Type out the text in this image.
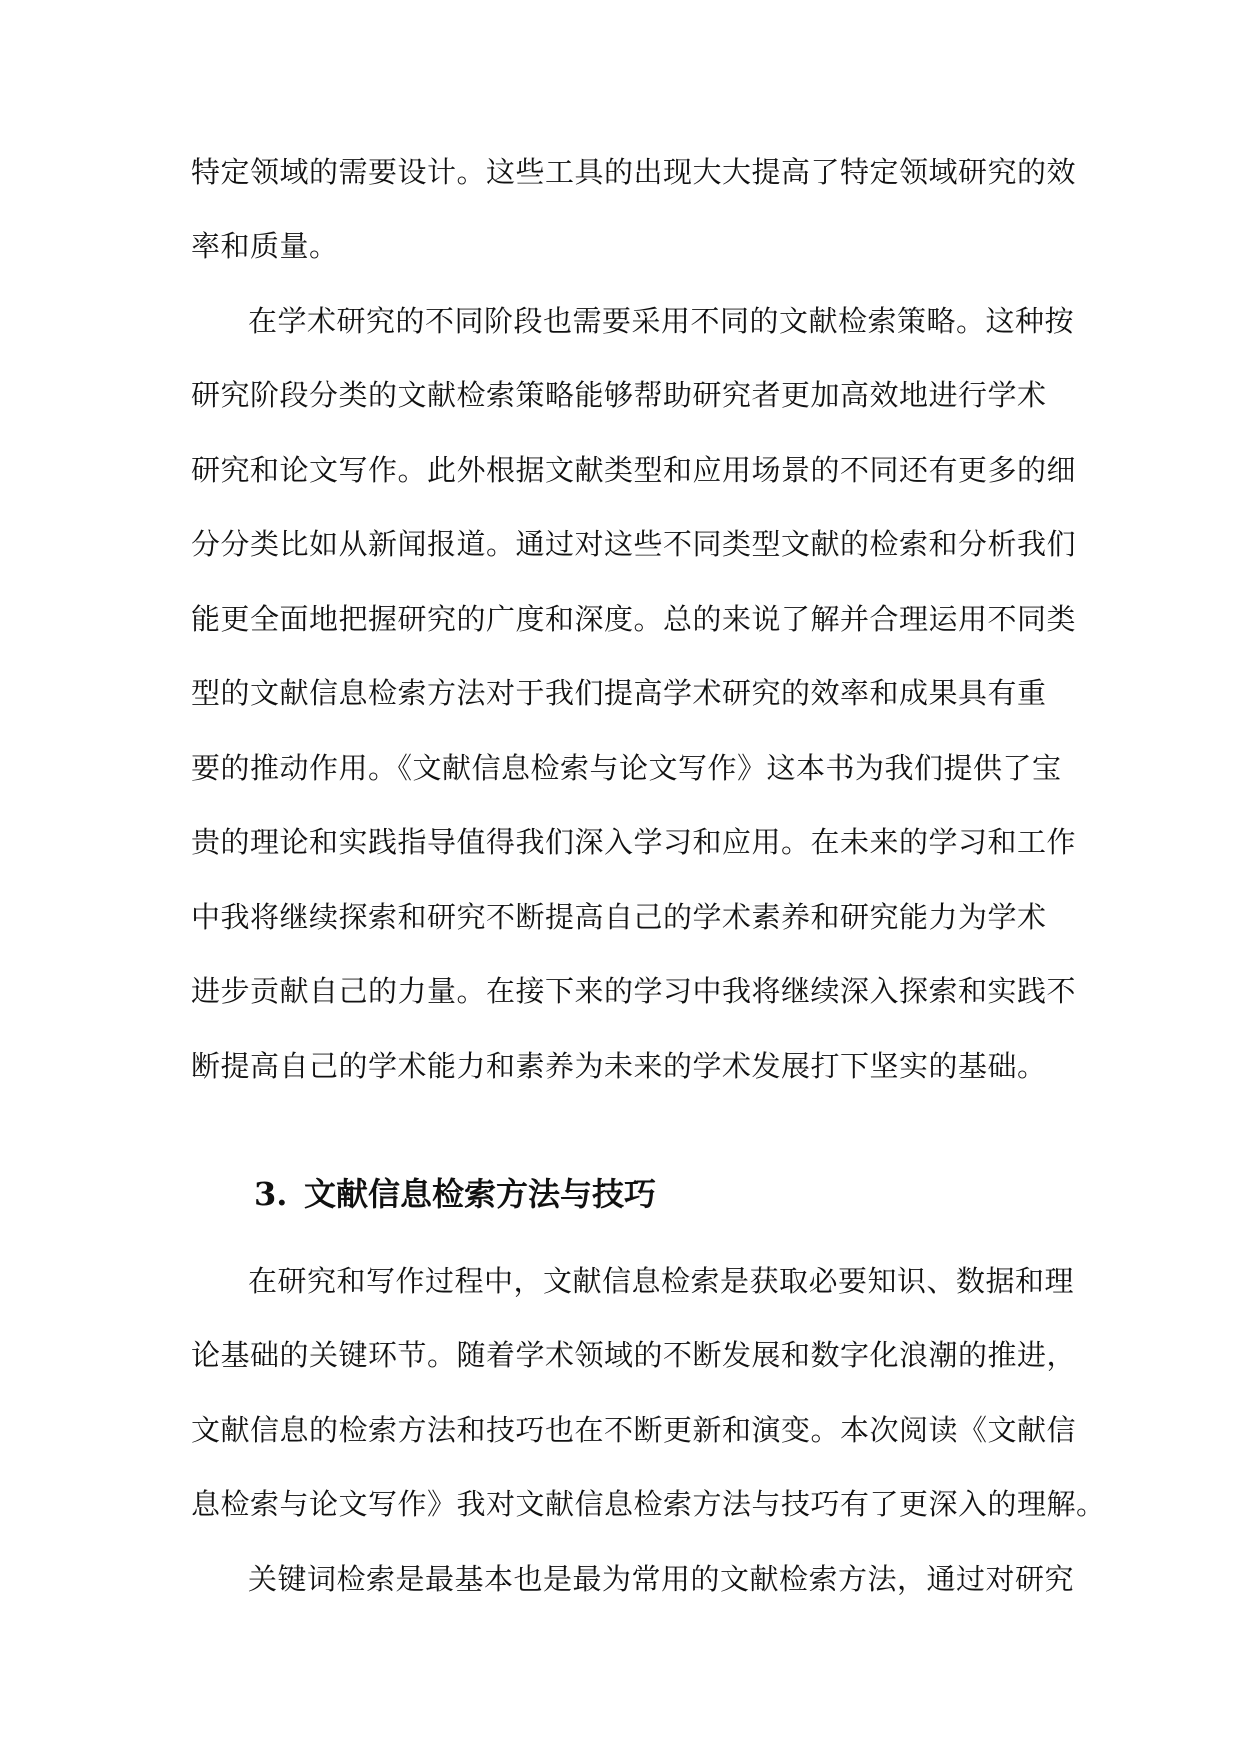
特定领域的需要设计。这些工具的出现大大提高了特定领域研究的效
率和质量。
在学术研究的不同阶段也需要采用不同的文献检索策略。这种按
研究阶段分类的文献检索策略能够帮助研究者更加高效地进行学术
研究和论文写作。此外根据文献类型和应用场景的不同还有更多的细
分分类比如从新闻报道。通过对这些不同类型文献的检索和分析我们
能更全面地把握研究的广度和深度。总的来说了解并合理运用不同类
型的文献信息检索方法对于我们提高学术研究的效率和成果具有重
要的推动作用。《文献信息检索与论文写作》这本书为我们提供了宝
贵的理论和实践指导值得我们深入学习和应用。在未来的学习和工作
中我将继续探索和研究不断提高自己的学术素养和研究能力为学术
进步贡献自己的力量。在接下来的学习中我将继续深入探索和实践不
断提高自己的学术能力和素养为未来的学术发展打下坚实的基础。
3. 文献信息检索方法与技巧
在研究和写作过程中，文献信息检索是获取必要知识、数据和理
论基础的关键环节。随着学术领域的不断发展和数字化浪潮的推进，
文献信息的检索方法和技巧也在不断更新和演变。本次阅读《文献信
息检索与论文写作》我对文献信息检索方法与技巧有了更深入的理解。
关键词检索是最基本也是最为常用的文献检索方法，通过对研究
